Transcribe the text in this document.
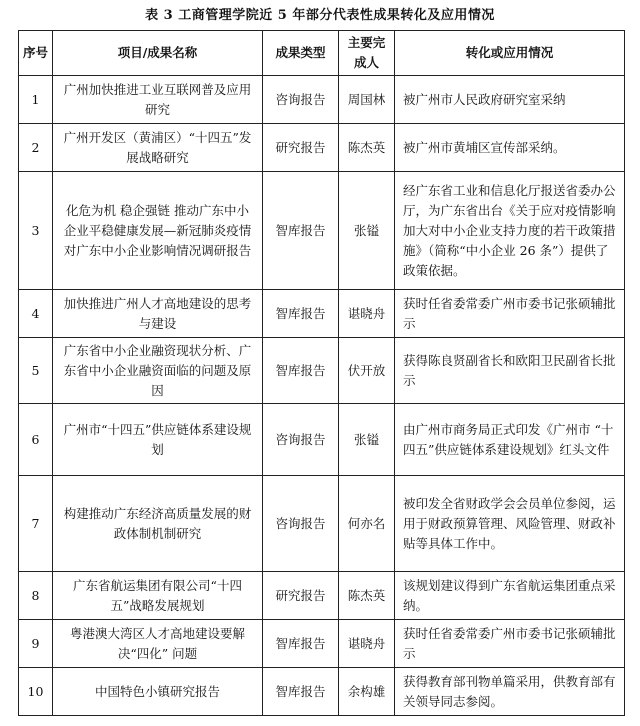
表 3 工商管理学院近 5 年部分代表性成果转化及应用情况
序号	项目/成果名称	成果类型	主要完成人	转化或应用情况
1	广州加快推进工业互联网普及应用研究	咨询报告	周国林	被广州市人民政府研究室采纳
2	广州开发区（黄浦区）“十四五”发展战略研究	研究报告	陈杰英	被广州市黄埔区宣传部采纳。
3	化危为机 稳企强链 推动广东中小企业平稳健康发展—新冠肺炎疫情对广东中小企业影响情况调研报告	智库报告	张镒	经广东省工业和信息化厅报送省委办公厅，为广东省出台《关于应对疫情影响加大对中小企业支持力度的若干政策措施》（简称“中小企业 26 条”）提供了政策依据。
4	加快推进广州人才高地建设的思考与建设	智库报告	谌晓舟	获时任省委常委广州市委书记张硕辅批示
5	广东省中小企业融资现状分析、广东省中小企业融资面临的问题及原因	智库报告	伏开放	获得陈良贤副省长和欧阳卫民副省长批示
6	广州市“十四五”供应链体系建设规划	咨询报告	张镒	由广州市商务局正式印发《广州市 “十四五”供应链体系建设规划》红头文件
7	构建推动广东经济高质量发展的财政体制机制研究	咨询报告	何亦名	被印发全省财政学会会员单位参阅，运用于财政预算管理、风险管理、财政补贴等具体工作中。
8	广东省航运集团有限公司“十四五”战略发展规划	研究报告	陈杰英	该规划建议得到广东省航运集团重点采纳。
9	粤港澳大湾区人才高地建设要解决“四化” 问题	智库报告	谌晓舟	获时任省委常委广州市委书记张硕辅批示
10	中国特色小镇研究报告	智库报告	余构雄	获得教育部刊物单篇采用，供教育部有关领导同志参阅。
